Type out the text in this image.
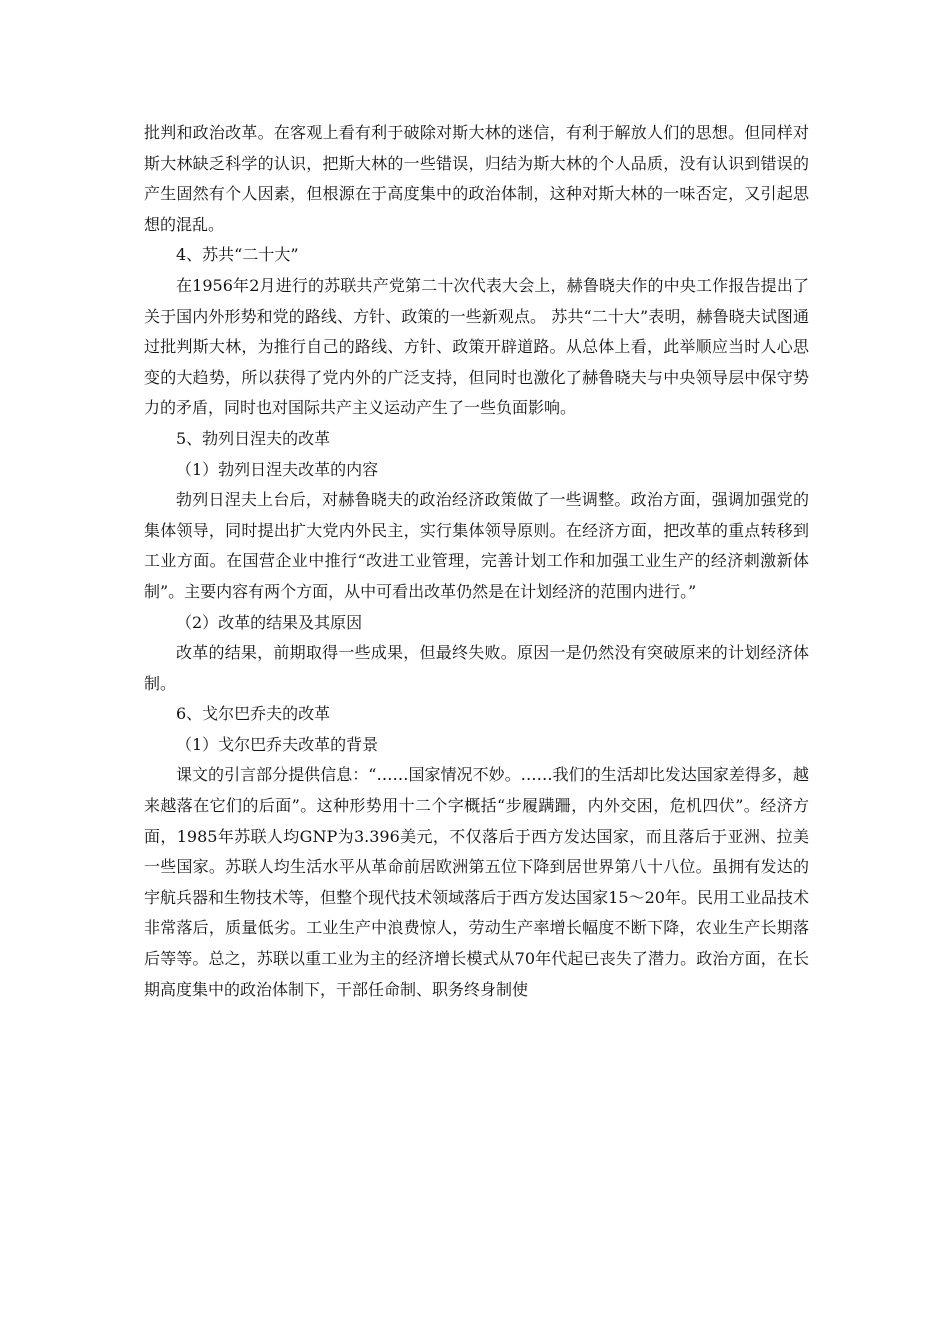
批判和政治改革。在客观上看有利于破除对斯大林的迷信，有利于解放人们的思想。但同样对斯大林缺乏科学的认识，把斯大林的一些错误，归结为斯大林的个人品质，没有认识到错误的产生固然有个人因素，但根源在于高度集中的政治体制，这种对斯大林的一味否定，又引起思想的混乱。

4、苏共“二十大”

在1956年2月进行的苏联共产党第二十次代表大会上，赫鲁晓夫作的中央工作报告提出了关于国内外形势和党的路线、方针、政策的一些新观点。 苏共“二十大”表明，赫鲁晓夫试图通过批判斯大林，为推行自己的路线、方针、政策开辟道路。从总体上看，此举顺应当时人心思变的大趋势，所以获得了党内外的广泛支持，但同时也激化了赫鲁晓夫与中央领导层中保守势力的矛盾，同时也对国际共产主义运动产生了一些负面影响。

5、勃列日涅夫的改革

（1）勃列日涅夫改革的内容

勃列日涅夫上台后，对赫鲁晓夫的政治经济政策做了一些调整。政治方面，强调加强党的集体领导，同时提出扩大党内外民主，实行集体领导原则。在经济方面，把改革的重点转移到工业方面。在国营企业中推行“改进工业管理，完善计划工作和加强工业生产的经济刺激新体制”。主要内容有两个方面，从中可看出改革仍然是在计划经济的范围内进行。”

（2）改革的结果及其原因

改革的结果，前期取得一些成果，但最终失败。原因一是仍然没有突破原来的计划经济体制。

6、戈尔巴乔夫的改革

（1）戈尔巴乔夫改革的背景

课文的引言部分提供信息：“……国家情况不妙。……我们的生活却比发达国家差得多，越来越落在它们的后面”。这种形势用十二个字概括“步履蹒跚，内外交困，危机四伏”。经济方面，1985年苏联人均GNP为3.396美元，不仅落后于西方发达国家，而且落后于亚洲、拉美一些国家。苏联人均生活水平从革命前居欧洲第五位下降到居世界第八十八位。虽拥有发达的宇航兵器和生物技术等，但整个现代技术领域落后于西方发达国家15～20年。民用工业品技术非常落后，质量低劣。工业生产中浪费惊人，劳动生产率增长幅度不断下降，农业生产长期落后等等。总之，苏联以重工业为主的经济增长模式从70年代起已丧失了潜力。政治方面，在长期高度集中的政治体制下，干部任命制、职务终身制使
